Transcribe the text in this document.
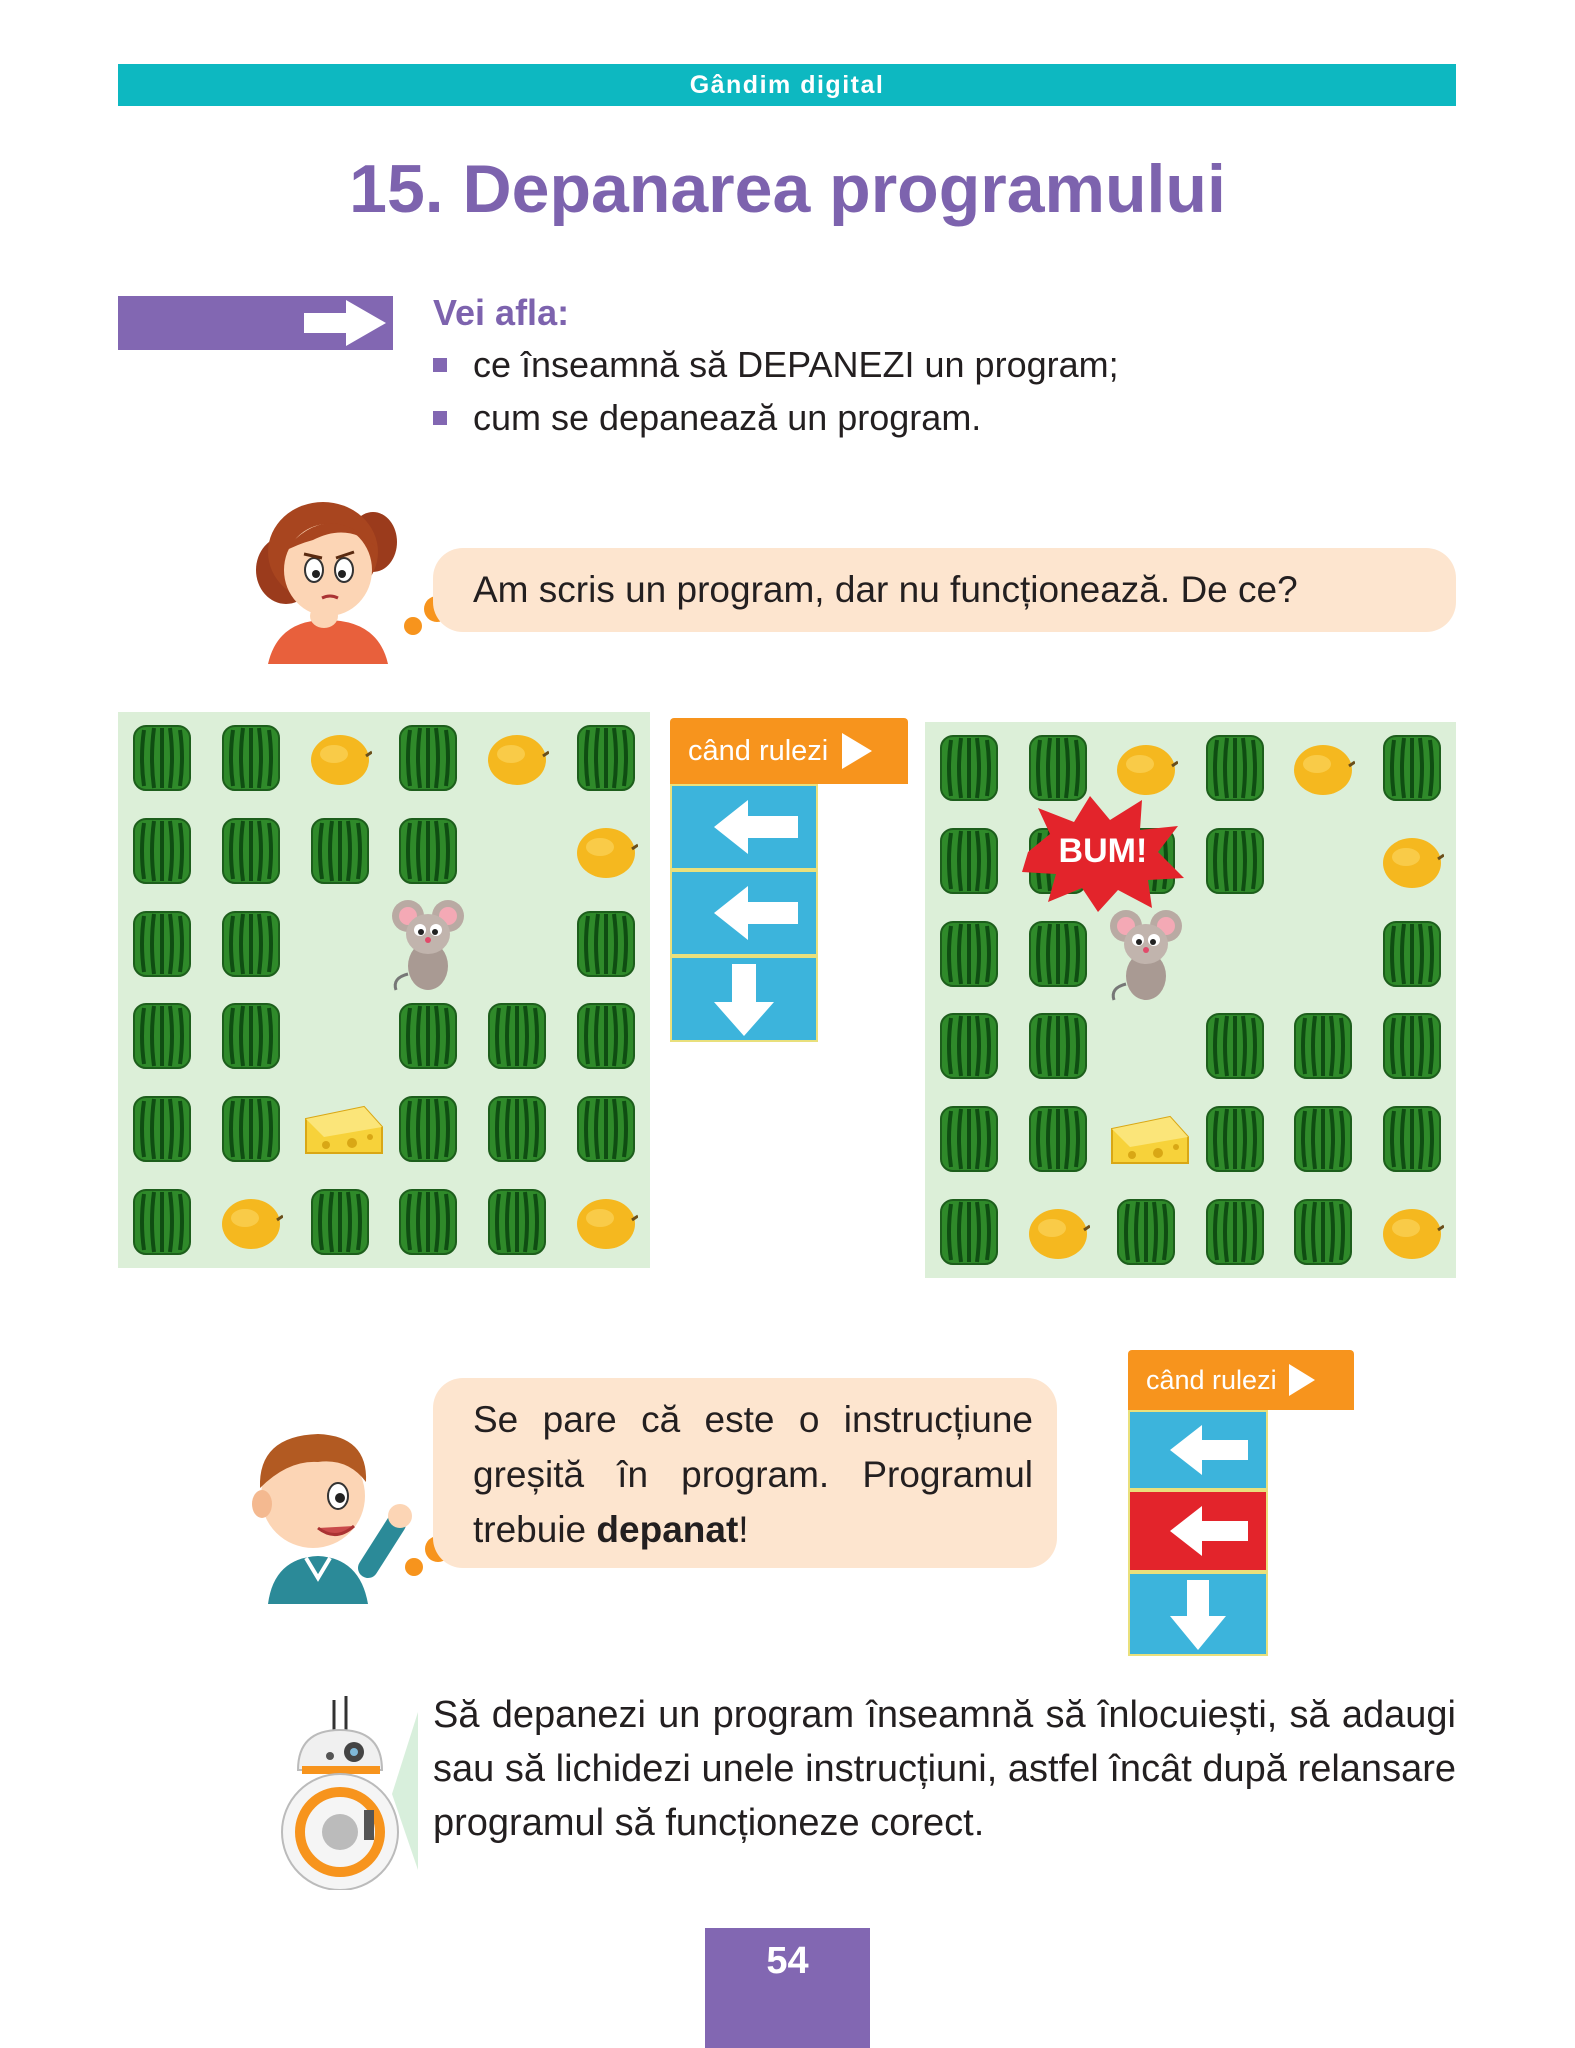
Gândim digital
15. Depanarea programului
Vei afla:
ce înseamnă să DEPANEZI un program;
cum se depanează un program.
Am scris un program, dar nu funcționează. De ce?
când rulezi
BUM!
Se pare că este o instrucțiune greșită în program. Programul trebuie depanat!
când rulezi
Să depanezi un program înseamnă să înlocuiești, să adaugi sau să lichidezi unele instrucțiuni, astfel încât după relansare programul să funcționeze corect.
54
